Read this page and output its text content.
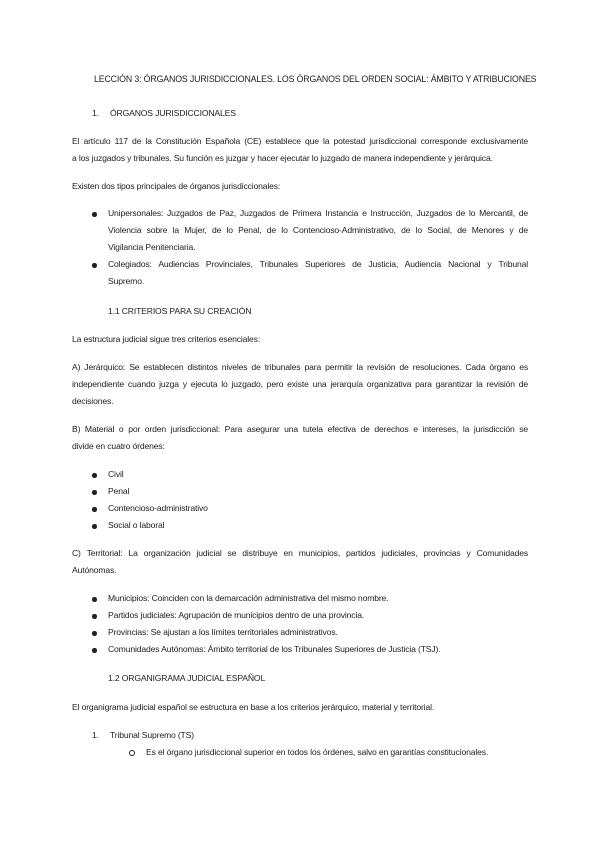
LECCIÓN 3: ÓRGANOS JURISDICCIONALES. LOS ÓRGANOS DEL ORDEN SOCIAL: ÁMBITO Y ATRIBUCIONES
1. ÓRGANOS JURISDICCIONALES
El artículo 117 de la Constitución Española (CE) establece que la potestad jurisdiccional corresponde exclusivamente
a los juzgados y tribunales. Su función es juzgar y hacer ejecutar lo juzgado de manera independiente y jerárquica.
Existen dos tipos principales de órganos jurisdiccionales:
Unipersonales: Juzgados de Paz, Juzgados de Primera Instancia e Instrucción, Juzgados de lo Mercantil, de
Violencia sobre la Mujer, de lo Penal, de lo Contencioso-Administrativo, de lo Social, de Menores y de
Vigilancia Penitenciaria.
Colegiados: Audiencias Provinciales, Tribunales Superiores de Justicia, Audiencia Nacional y Tribunal
Supremo.
1.1 CRITERIOS PARA SU CREACIÓN
La estructura judicial sigue tres criterios esenciales:
A) Jerárquico: Se establecen distintos niveles de tribunales para permitir la revisión de resoluciones. Cada órgano es
independiente cuando juzga y ejecuta lo juzgado, pero existe una jerarquía organizativa para garantizar la revisión de
decisiones.
B) Material o por orden jurisdiccional: Para asegurar una tutela efectiva de derechos e intereses, la jurisdicción se
divide en cuatro órdenes:
Civil
Penal
Contencioso-administrativo
Social o laboral
C) Territorial: La organización judicial se distribuye en municipios, partidos judiciales, provincias y Comunidades
Autónomas.
Municipios: Coinciden con la demarcación administrativa del mismo nombre.
Partidos judiciales: Agrupación de municipios dentro de una provincia.
Provincias: Se ajustan a los límites territoriales administrativos.
Comunidades Autónomas: Ámbito territorial de los Tribunales Superiores de Justicia (TSJ).
1.2 ORGANIGRAMA JUDICIAL ESPAÑOL
El organigrama judicial español se estructura en base a los criterios jerárquico, material y territorial.
1. Tribunal Supremo (TS)
Es el órgano jurisdiccional superior en todos los órdenes, salvo en garantías constitucionales.
